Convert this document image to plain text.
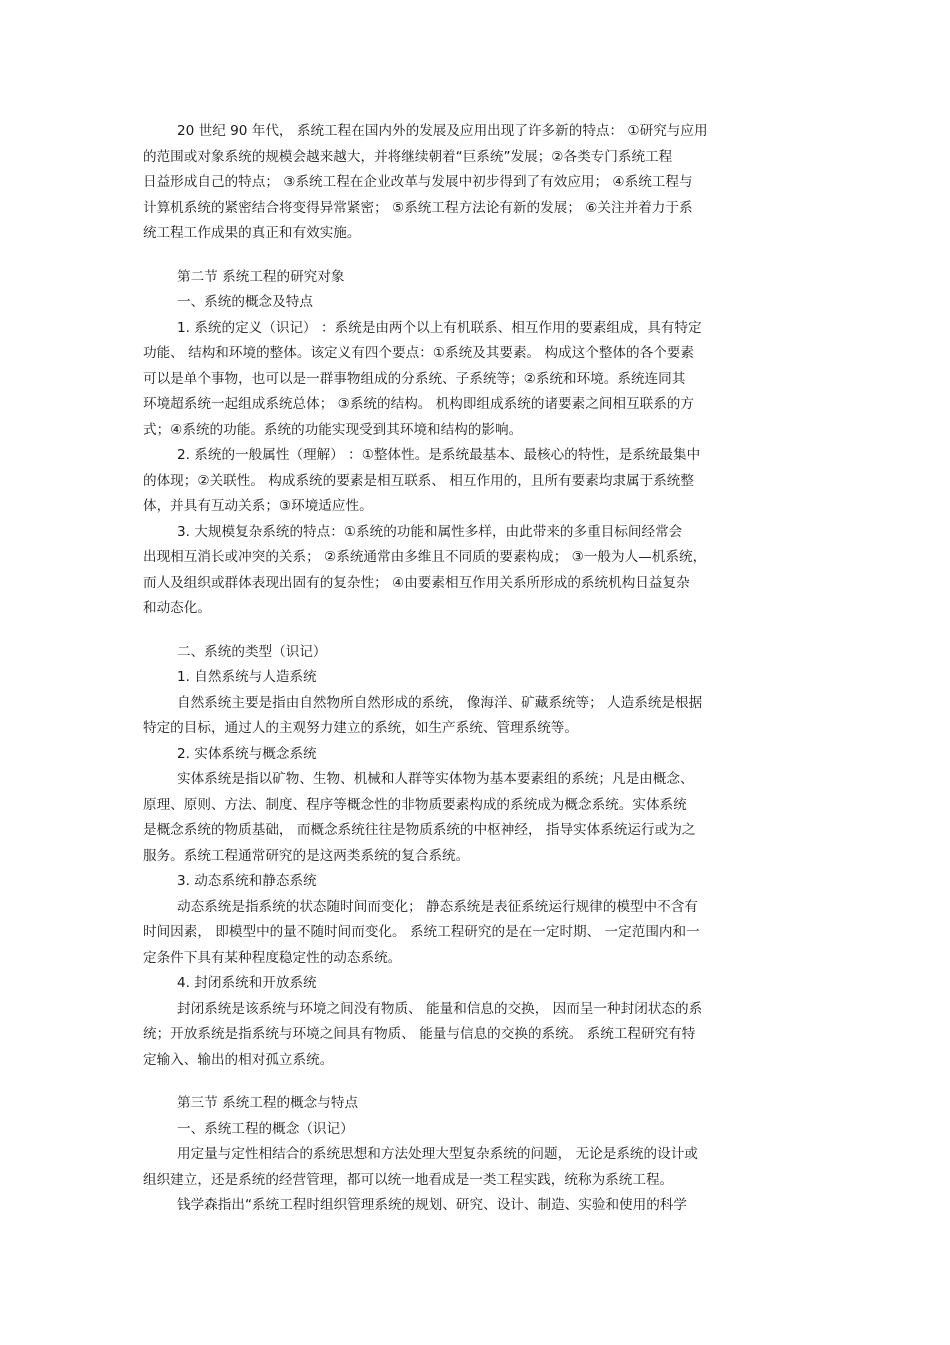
20 世纪 90 年代， 系统工程在国内外的发展及应用出现了许多新的特点： ①研究与应用
的范围或对象系统的规模会越来越大，并将继续朝着“巨系统”发展；②各类专门系统工程
日益形成自己的特点； ③系统工程在企业改革与发展中初步得到了有效应用； ④系统工程与
计算机系统的紧密结合将变得异常紧密； ⑤系统工程方法论有新的发展； ⑥关注并着力于系
统工程工作成果的真正和有效实施。
第二节 系统工程的研究对象
一、系统的概念及特点
1. 系统的定义（识记） ：系统是由两个以上有机联系、相互作用的要素组成，具有特定
功能、 结构和环境的整体。该定义有四个要点：①系统及其要素。 构成这个整体的各个要素
可以是单个事物，也可以是一群事物组成的分系统、子系统等；②系统和环境。系统连同其
环境超系统一起组成系统总体； ③系统的结构。 机构即组成系统的诸要素之间相互联系的方
式；④系统的功能。系统的功能实现受到其环境和结构的影响。
2. 系统的一般属性（理解） ：①整体性。是系统最基本、最核心的特性，是系统最集中
的体现；②关联性。 构成系统的要素是相互联系、 相互作用的，且所有要素均隶属于系统整
体，并具有互动关系；③环境适应性。
3. 大规模复杂系统的特点：①系统的功能和属性多样，由此带来的多重目标间经常会
出现相互消长或冲突的关系； ②系统通常由多维且不同质的要素构成； ③一般为人—机系统，
而人及组织或群体表现出固有的复杂性； ④由要素相互作用关系所形成的系统机构日益复杂
和动态化。
二、系统的类型（识记）
1. 自然系统与人造系统
自然系统主要是指由自然物所自然形成的系统， 像海洋、矿藏系统等； 人造系统是根据
特定的目标，通过人的主观努力建立的系统，如生产系统、管理系统等。
2. 实体系统与概念系统
实体系统是指以矿物、生物、机械和人群等实体物为基本要素组的系统；凡是由概念、
原理、原则、方法、制度、程序等概念性的非物质要素构成的系统成为概念系统。实体系统
是概念系统的物质基础， 而概念系统往往是物质系统的中枢神经， 指导实体系统运行或为之
服务。系统工程通常研究的是这两类系统的复合系统。
3. 动态系统和静态系统
动态系统是指系统的状态随时间而变化； 静态系统是表征系统运行规律的模型中不含有
时间因素， 即模型中的量不随时间而变化。 系统工程研究的是在一定时期、 一定范围内和一
定条件下具有某种程度稳定性的动态系统。
4. 封闭系统和开放系统
封闭系统是该系统与环境之间没有物质、 能量和信息的交换， 因而呈一种封闭状态的系
统；开放系统是指系统与环境之间具有物质、 能量与信息的交换的系统。 系统工程研究有特
定输入、输出的相对孤立系统。
第三节 系统工程的概念与特点
一、系统工程的概念（识记）
用定量与定性相结合的系统思想和方法处理大型复杂系统的问题， 无论是系统的设计或
组织建立，还是系统的经营管理，都可以统一地看成是一类工程实践，统称为系统工程。
钱学森指出“系统工程时组织管理系统的规划、研究、设计、制造、实验和使用的科学
